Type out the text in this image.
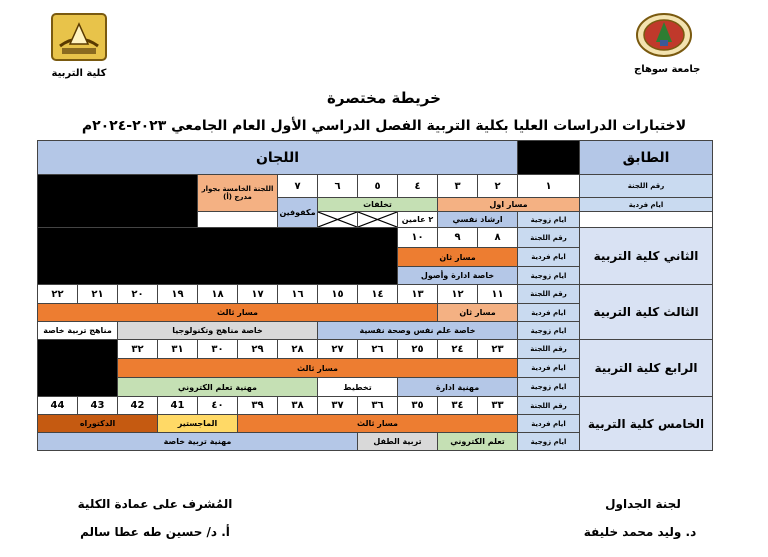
كلية التربية	جامعة سوهاج
خريطة مختصرة
لاختبارات الدراسات العليا بكلية التربية الفصل الدراسي الأول العام الجامعي ٢٠٢٣-٢٠٢٤م
اللجان													الطابق	
				اللجنة الخامسة بجوار مدرج (أ)		٧	٦	٥	٤	٣	٢	١	رقم اللجنة	
						مكفوفين	تخلفات			مسار اول			ايام فردية	

	٢ عامين	ارشاد نفسي		ايام زوجية		
									١٠	٩	٨	رقم اللجنة	الثاني كلية التربية	
									مسار ثان			ايام فردية		
									خاصة ادارة وأصول			ايام زوجية		
٢٢	٢١	٢٠	١٩	١٨	١٧	١٦	١٥	١٤	١٣	١٢	١١	رقم اللجنة	الثالث كلية التربية	
مسار ثالث										مسار ثان		ايام فردية		
مناهج تربية خاصة		خاصة مناهج وتكنولوجيا					خاصة علم نفس وصحة نفسية					ايام زوجية		
		٣٢	٣١	٣٠	٢٩	٢٨	٢٧	٢٦	٢٥	٢٤	٢٣	رقم اللجنة	الرابع كلية التربية	
		مسار ثالث										ايام فردية		
		مهنية تعلم الكتروني					تخطيط		مهنية ادارة			ايام زوجية		
44	43	42	41	٤٠	٣٩	٣٨	٣٧	٣٦	٣٥	٣٤	٣٣	رقم اللجنة	الخامس كلية التربية	
الدكتوراه			الماجستير		مسار ثالث							ايام فردية		
مهنية تربية خاصة								تربية الطفل		تعلم الكتروني		ايام زوجية		
لجنة الجداول
د. وليد محمد خليفة
المُشرف على عمادة الكلية
أ. د/ حسين طه عطا سالم
